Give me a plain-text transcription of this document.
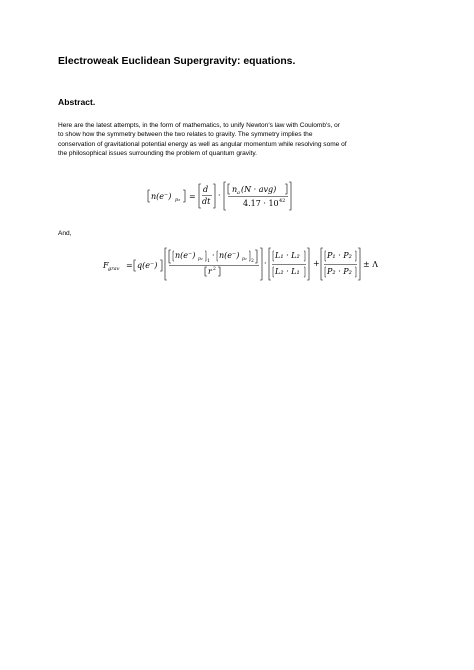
Electroweak Euclidean Supergravity: equations.
Abstract.
Here are the latest attempts, in the form of mathematics, to unify Newton's law with Coulomb's, or
to show how the symmetry between the two relates to gravity. The symmetry implies the
conservation of gravitational potential energy as well as angular momentum while resolving some of
the philosophical issues surrounding the problem of quantum gravity.
n(e⁻) p₂ =
d
dt
·
n a (N · avg)
4.17 · 10 42
And,
F grav = q(e⁻)
n(e⁻) p₂ 1
· n(e⁻) p₂ 2
r 2
·
L₁ · L₂
L₂ · L₁
+
P₁ · P₂
P₂ · P₂
± Λ
